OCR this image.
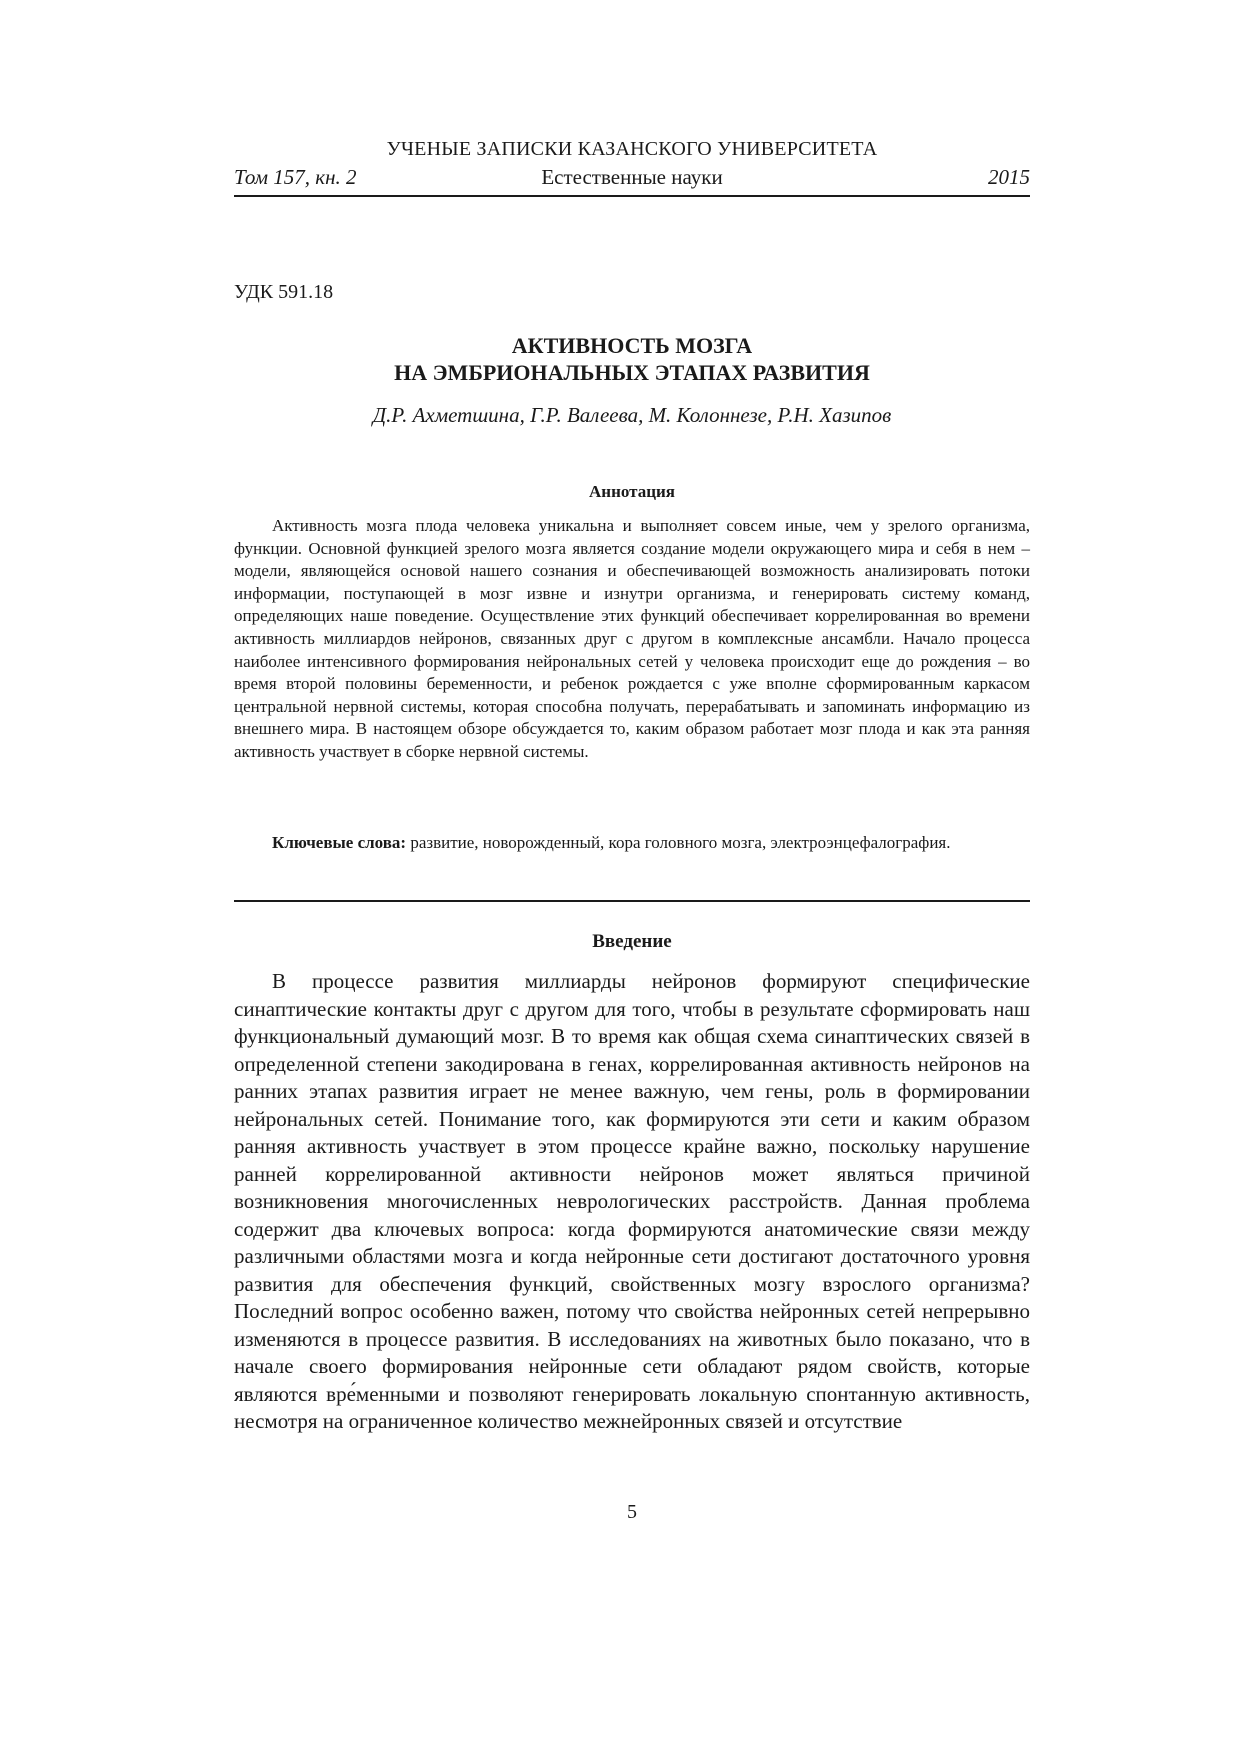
УЧЕНЫЕ ЗАПИСКИ КАЗАНСКОГО УНИВЕРСИТЕТА
Естественные науки
Том 157, кн. 2	2015
УДК 591.18
АКТИВНОСТЬ МОЗГА
НА ЭМБРИОНАЛЬНЫХ ЭТАПАХ РАЗВИТИЯ
Д.Р. Ахметшина, Г.Р. Валеева, М. Колоннезе, Р.Н. Хазипов
Аннотация

Активность мозга плода человека уникальна и выполняет совсем иные, чем у зрелого организма, функции. Основной функцией зрелого мозга является создание модели окружающего мира и себя в нем – модели, являющейся основой нашего сознания и обеспечивающей возможность анализировать потоки информации, поступающей в мозг извне и изнутри организма, и генерировать систему команд, определяющих наше поведение. Осуществление этих функций обеспечивает коррелированная во времени активность миллиардов нейронов, связанных друг с другом в комплексные ансамбли. Начало процесса наиболее интенсивного формирования нейрональных сетей у человека происходит еще до рождения – во время второй половины беременности, и ребенок рождается с уже вполне сформированным каркасом центральной нервной системы, которая способна получать, перерабатывать и запоминать информацию из внешнего мира. В настоящем обзоре обсуждается то, каким образом работает мозг плода и как эта ранняя активность участвует в сборке нервной системы.

Ключевые слова: развитие, новорожденный, кора головного мозга, электроэнцефалография.

Введение

В процессе развития миллиарды нейронов формируют специфические синаптические контакты друг с другом для того, чтобы в результате сформировать наш функциональный думающий мозг. В то время как общая схема синаптических связей в определенной степени закодирована в генах, коррелированная активность нейронов на ранних этапах развития играет не менее важную, чем гены, роль в формировании нейрональных сетей. Понимание того, как формируются эти сети и каким образом ранняя активность участвует в этом процессе крайне важно, поскольку нарушение ранней коррелированной активности нейронов может являться причиной возникновения многочисленных неврологических расстройств. Данная проблема содержит два ключевых вопроса: когда формируются анатомические связи между различными областями мозга и когда нейронные сети достигают достаточного уровня развития для обеспечения функций, свойственных мозгу взрослого организма? Последний вопрос особенно важен, потому что свойства нейронных сетей непрерывно изменяются в процессе развития. В исследованиях на животных было показано, что в начале своего формирования нейронные сети обладают рядом свойств, которые являются вре́менными и позволяют генерировать локальную спонтанную активность, несмотря на ограниченное количество межнейронных связей и отсутствие

5
